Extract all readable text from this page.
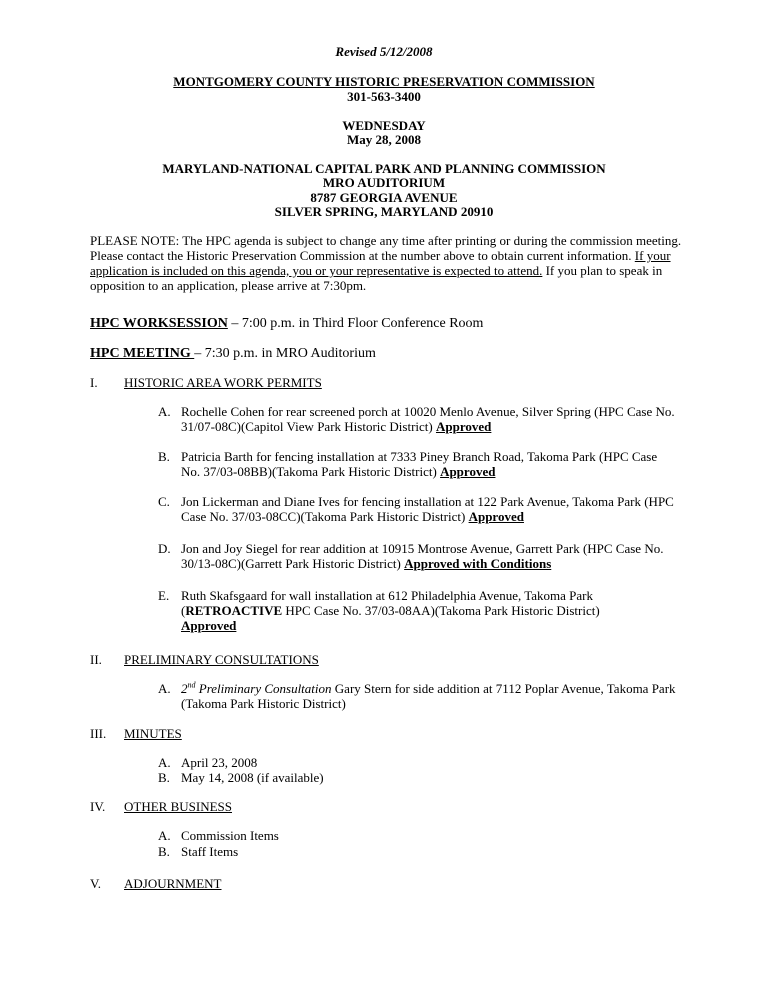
Revised 5/12/2008
MONTGOMERY COUNTY HISTORIC PRESERVATION COMMISSION
301-563-3400
WEDNESDAY
May 28, 2008
MARYLAND-NATIONAL CAPITAL PARK AND PLANNING COMMISSION
MRO AUDITORIUM
8787 GEORGIA AVENUE
SILVER SPRING, MARYLAND 20910
PLEASE NOTE: The HPC agenda is subject to change any time after printing or during the commission meeting.
Please contact the Historic Preservation Commission at the number above to obtain current information. If your
application is included on this agenda, you or your representative is expected to attend. If you plan to speak in
opposition to an application, please arrive at 7:30pm.
HPC WORKSESSION – 7:00 p.m. in Third Floor Conference Room
HPC MEETING – 7:30 p.m. in MRO Auditorium
I. HISTORIC AREA WORK PERMITS
A. Rochelle Cohen for rear screened porch at 10020 Menlo Avenue, Silver Spring (HPC Case No. 31/07-08C)(Capitol View Park Historic District) Approved
B. Patricia Barth for fencing installation at 7333 Piney Branch Road, Takoma Park (HPC Case No. 37/03-08BB)(Takoma Park Historic District) Approved
C. Jon Lickerman and Diane Ives for fencing installation at 122 Park Avenue, Takoma Park (HPC Case No. 37/03-08CC)(Takoma Park Historic District) Approved
D. Jon and Joy Siegel for rear addition at 10915 Montrose Avenue, Garrett Park (HPC Case No. 30/13-08C)(Garrett Park Historic District) Approved with Conditions
E. Ruth Skafsgaard for wall installation at 612 Philadelphia Avenue, Takoma Park
(RETROACTIVE HPC Case No. 37/03-08AA)(Takoma Park Historic District)
Approved
II. PRELIMINARY CONSULTATIONS
A. 2nd Preliminary Consultation Gary Stern for side addition at 7112 Poplar Avenue, Takoma Park (Takoma Park Historic District)
III. MINUTES
A. April 23, 2008
B. May 14, 2008 (if available)
IV. OTHER BUSINESS
A. Commission Items
B. Staff Items
V. ADJOURNMENT
